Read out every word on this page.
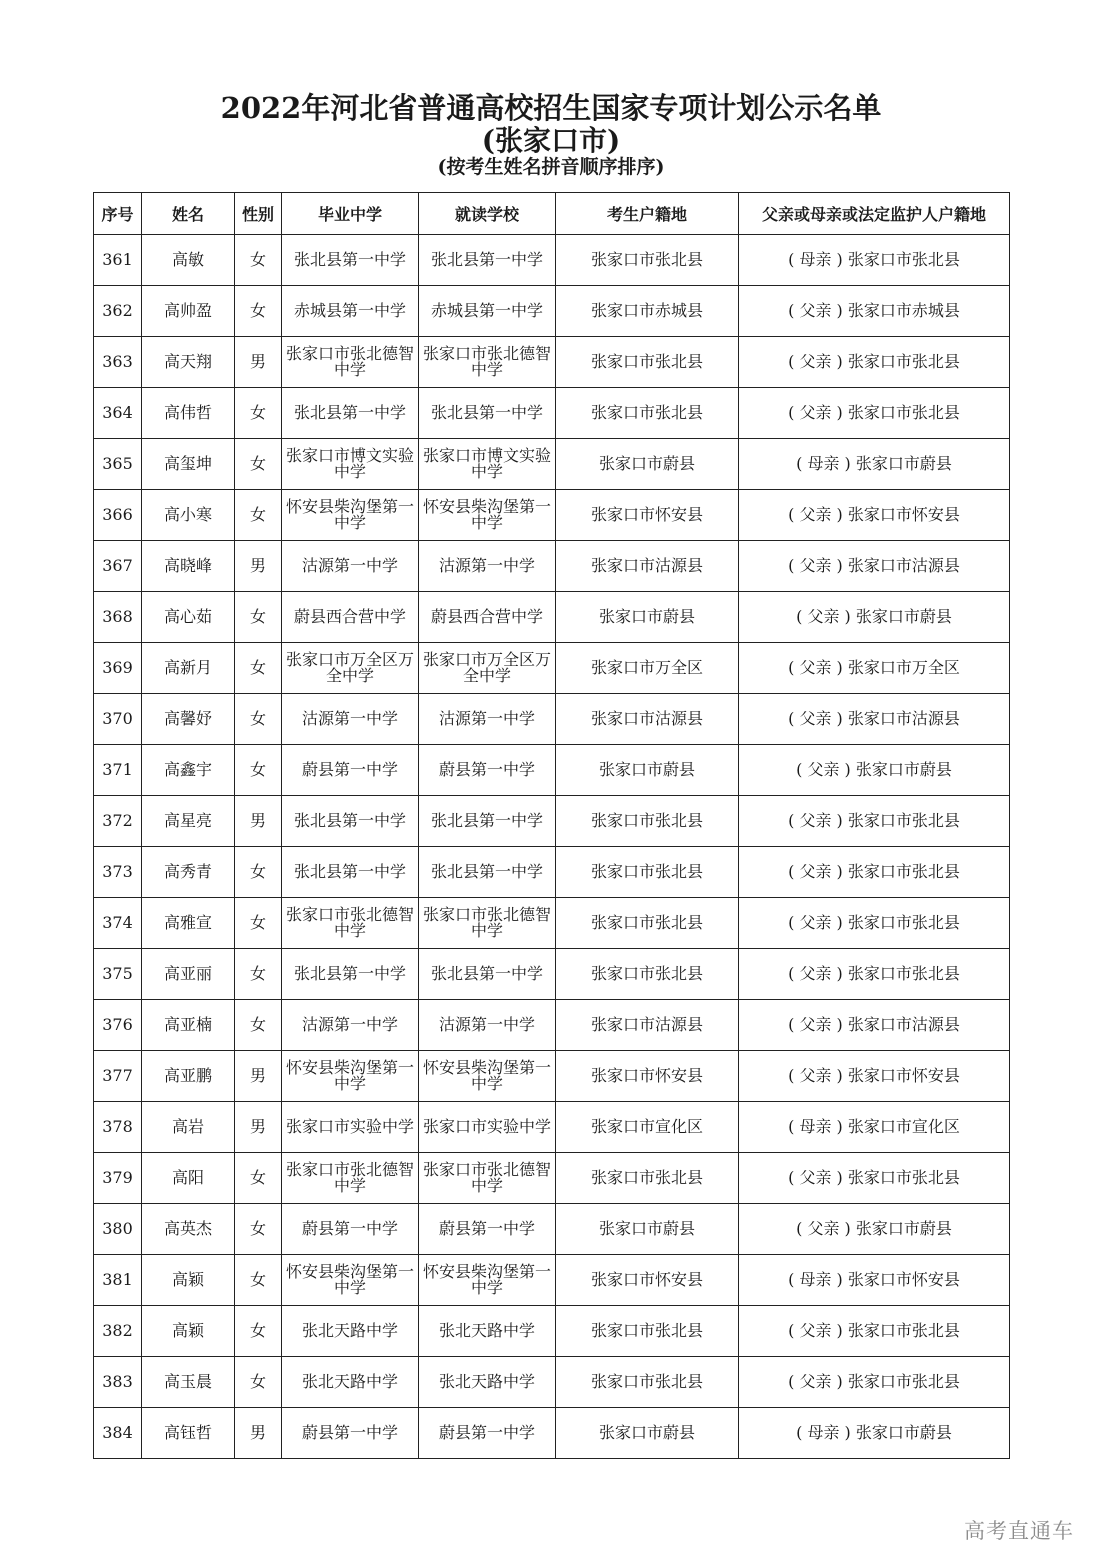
2022年河北省普通高校招生国家专项计划公示名单
(张家口市)
(按考生姓名拼音顺序排序)
序号	姓名	性别	毕业中学	就读学校	考生户籍地	父亲或母亲或法定监护人户籍地
361	高敏	女	张北县第一中学	张北县第一中学	张家口市张北县	( 母亲 ) 张家口市张北县
362	高帅盈	女	赤城县第一中学	赤城县第一中学	张家口市赤城县	( 父亲 ) 张家口市赤城县
363	高天翔	男	张家口市张北德智中学	张家口市张北德智中学	张家口市张北县	( 父亲 ) 张家口市张北县
364	高伟哲	女	张北县第一中学	张北县第一中学	张家口市张北县	( 父亲 ) 张家口市张北县
365	高玺坤	女	张家口市博文实验中学	张家口市博文实验中学	张家口市蔚县	( 母亲 ) 张家口市蔚县
366	高小寒	女	怀安县柴沟堡第一中学	怀安县柴沟堡第一中学	张家口市怀安县	( 父亲 ) 张家口市怀安县
367	高晓峰	男	沽源第一中学	沽源第一中学	张家口市沽源县	( 父亲 ) 张家口市沽源县
368	高心茹	女	蔚县西合营中学	蔚县西合营中学	张家口市蔚县	( 父亲 ) 张家口市蔚县
369	高新月	女	张家口市万全区万全中学	张家口市万全区万全中学	张家口市万全区	( 父亲 ) 张家口市万全区
370	高馨妤	女	沽源第一中学	沽源第一中学	张家口市沽源县	( 父亲 ) 张家口市沽源县
371	高鑫宇	女	蔚县第一中学	蔚县第一中学	张家口市蔚县	( 父亲 ) 张家口市蔚县
372	高星亮	男	张北县第一中学	张北县第一中学	张家口市张北县	( 父亲 ) 张家口市张北县
373	高秀青	女	张北县第一中学	张北县第一中学	张家口市张北县	( 父亲 ) 张家口市张北县
374	高雅宣	女	张家口市张北德智中学	张家口市张北德智中学	张家口市张北县	( 父亲 ) 张家口市张北县
375	高亚丽	女	张北县第一中学	张北县第一中学	张家口市张北县	( 父亲 ) 张家口市张北县
376	高亚楠	女	沽源第一中学	沽源第一中学	张家口市沽源县	( 父亲 ) 张家口市沽源县
377	高亚鹏	男	怀安县柴沟堡第一中学	怀安县柴沟堡第一中学	张家口市怀安县	( 父亲 ) 张家口市怀安县
378	高岩	男	张家口市实验中学	张家口市实验中学	张家口市宣化区	( 母亲 ) 张家口市宣化区
379	高阳	女	张家口市张北德智中学	张家口市张北德智中学	张家口市张北县	( 父亲 ) 张家口市张北县
380	高英杰	女	蔚县第一中学	蔚县第一中学	张家口市蔚县	( 父亲 ) 张家口市蔚县
381	高颖	女	怀安县柴沟堡第一中学	怀安县柴沟堡第一中学	张家口市怀安县	( 母亲 ) 张家口市怀安县
382	高颖	女	张北天路中学	张北天路中学	张家口市张北县	( 父亲 ) 张家口市张北县
383	高玉晨	女	张北天路中学	张北天路中学	张家口市张北县	( 父亲 ) 张家口市张北县
384	高钰哲	男	蔚县第一中学	蔚县第一中学	张家口市蔚县	( 母亲 ) 张家口市蔚县
高考直通车
